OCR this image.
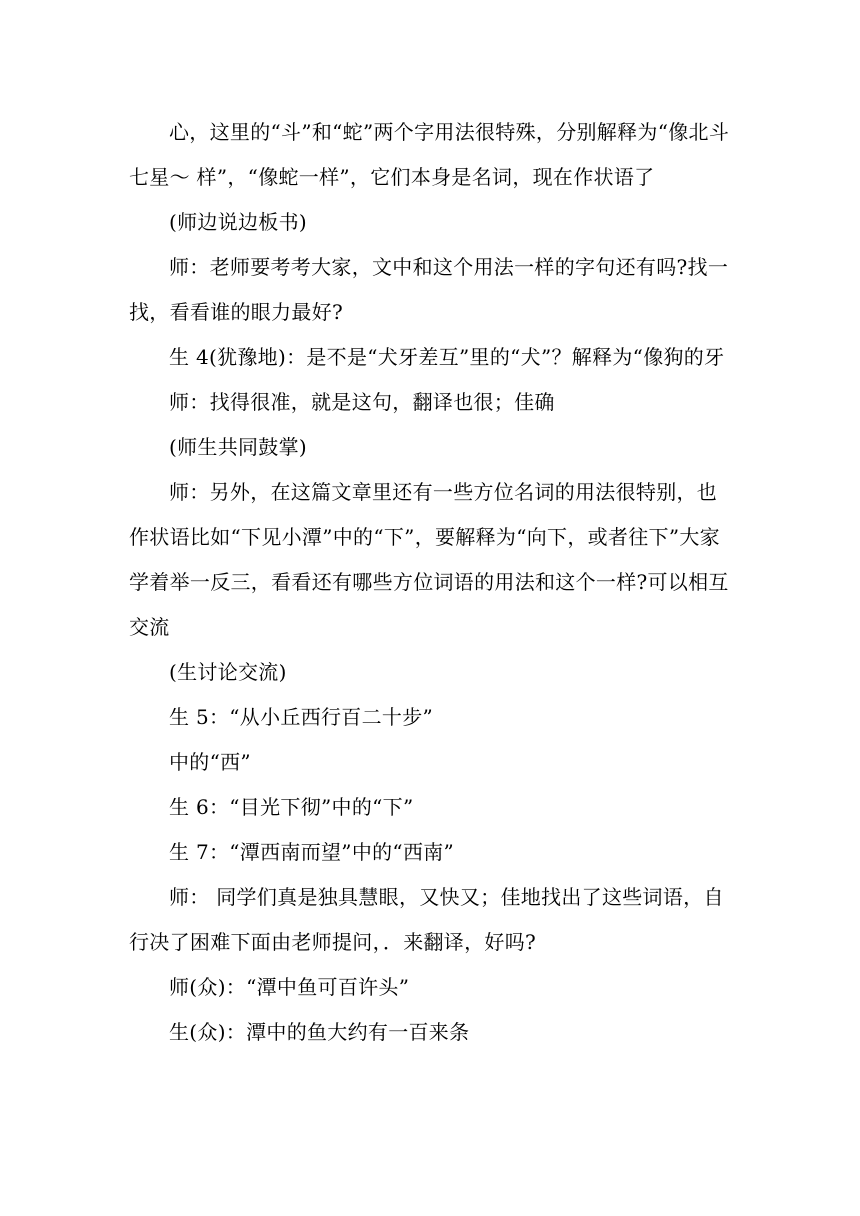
心，这里的“斗”和“蛇”两个字用法很特殊，分别解释为“像北斗七星～ 样”，“像蛇一样”，它们本身是名词，现在作状语了

(师边说边板书)

师：老师要考考大家，文中和这个用法一样的字句还有吗?找一找，看看谁的眼力最好?

生 4(犹豫地)：是不是“犬牙差互”里的“犬”？解释为“像狗的牙

师：找得很准，就是这句，翻译也很；佳确

(师生共同鼓掌)

师：另外，在这篇文章里还有一些方位名词的用法很特别，也作状语比如“下见小潭”中的“下”，要解释为“向下，或者往下”大家学着举一反三，看看还有哪些方位词语的用法和这个一样?可以相互交流

(生讨论交流)

生 5：“从小丘西行百二十步”

中的“西”

生 6：“目光下彻”中的“下”

生 7：“潭西南而望”中的“西南”

师： 同学们真是独具慧眼，又快又；佳地找出了这些词语，自行决了困难下面由老师提问，．来翻译，好吗?

师(众)：“潭中鱼可百许头”

生(众)：潭中的鱼大约有一百来条
